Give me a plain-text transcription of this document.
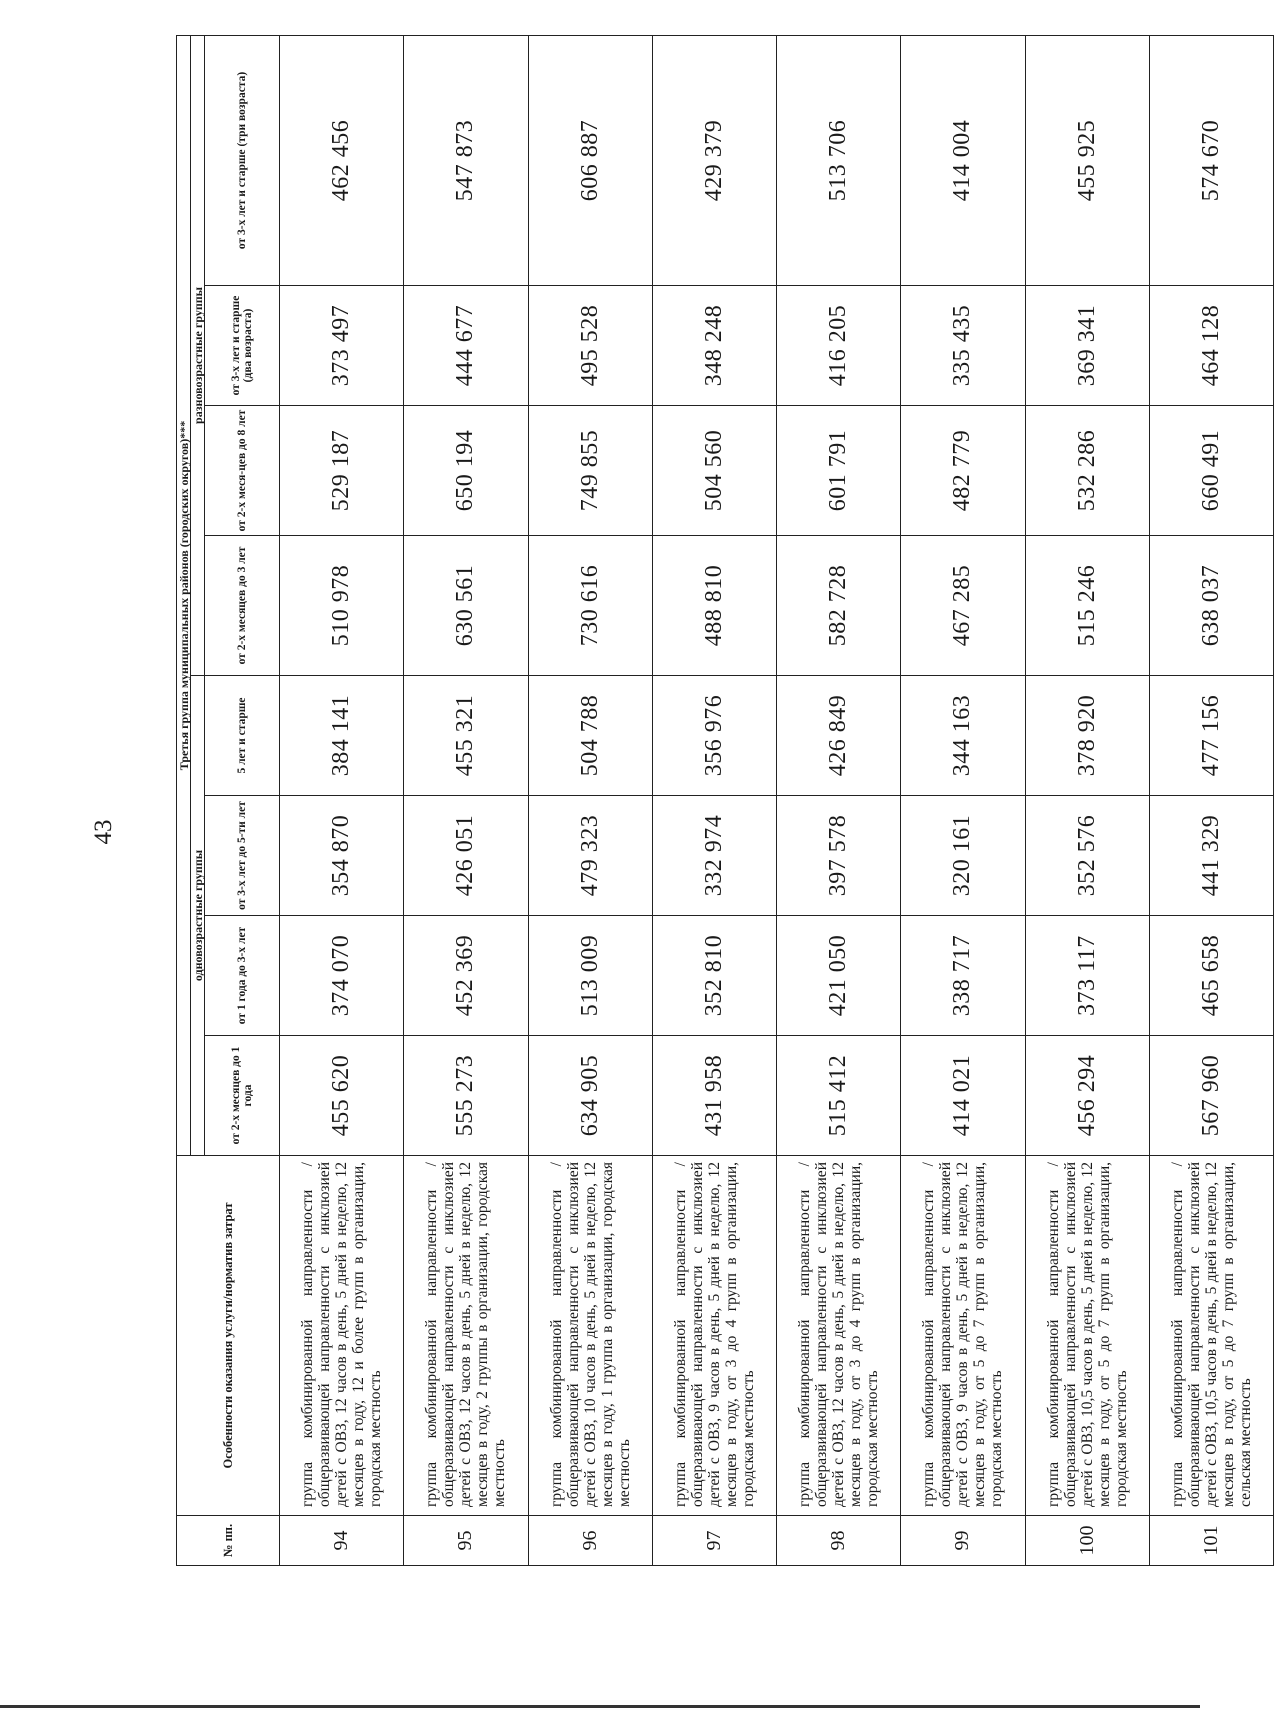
43
№ пп.	Особенности оказания услуги/норматив затрат	Третья группа муниципальных районов (городских округов)***							
		одновозрастные группы				разновозрастные группы			
		от 2-х месяцев до 1 года	от 1 года до 3-х лет	от 3-х лет до 5-ти лет	5 лет и старше	от 2-х месяцев до 3 лет	от 2-х меся-цев до 8 лет	от 3-х лет и старше (два возраста)	от 3-х лет и старше (три возраста)
94	группа комбинированной направленности / общеразвивающей направленности с инклюзией детей с ОВЗ, 12 часов в день, 5 дней в неделю, 12 месяцев в году, 12 и более групп в организации, городская местность	455 620	374 070	354 870	384 141	510 978	529 187	373 497	462 456
95	группа комбинированной направленности / общеразвивающей направленности с инклюзией детей с ОВЗ, 12 часов в день, 5 дней в неделю, 12 месяцев в году, 2 группы в организации, городская местность	555 273	452 369	426 051	455 321	630 561	650 194	444 677	547 873
96	группа комбинированной направленности / общеразвивающей направленности с инклюзией детей с ОВЗ, 10 часов в день, 5 дней в неделю, 12 месяцев в году, 1 группа в организации, городская местность	634 905	513 009	479 323	504 788	730 616	749 855	495 528	606 887
97	группа комбинированной направленности / общеразвивающей направленности с инклюзией детей с ОВЗ, 9 часов в день, 5 дней в неделю, 12 месяцев в году, от 3 до 4 групп в организации, городская местность	431 958	352 810	332 974	356 976	488 810	504 560	348 248	429 379
98	группа комбинированной направленности / общеразвивающей направленности с инклюзией детей с ОВЗ, 12 часов в день, 5 дней в неделю, 12 месяцев в году, от 3 до 4 групп в организации, городская местность	515 412	421 050	397 578	426 849	582 728	601 791	416 205	513 706
99	группа комбинированной направленности / общеразвивающей направленности с инклюзией детей с ОВЗ, 9 часов в день, 5 дней в неделю, 12 месяцев в году, от 5 до 7 групп в организации, городская местность	414 021	338 717	320 161	344 163	467 285	482 779	335 435	414 004
100	группа комбинированной направленности / общеразвивающей направленности с инклюзией детей с ОВЗ, 10,5 часов в день, 5 дней в неделю, 12 месяцев в году, от 5 до 7 групп в организации, городская местность	456 294	373 117	352 576	378 920	515 246	532 286	369 341	455 925
101	группа комбинированной направленности / общеразвивающей направленности с инклюзией детей с ОВЗ, 10,5 часов в день, 5 дней в неделю, 12 месяцев в году, от 5 до 7 групп в организации, сельская местность	567 960	465 658	441 329	477 156	638 037	660 491	464 128	574 670
